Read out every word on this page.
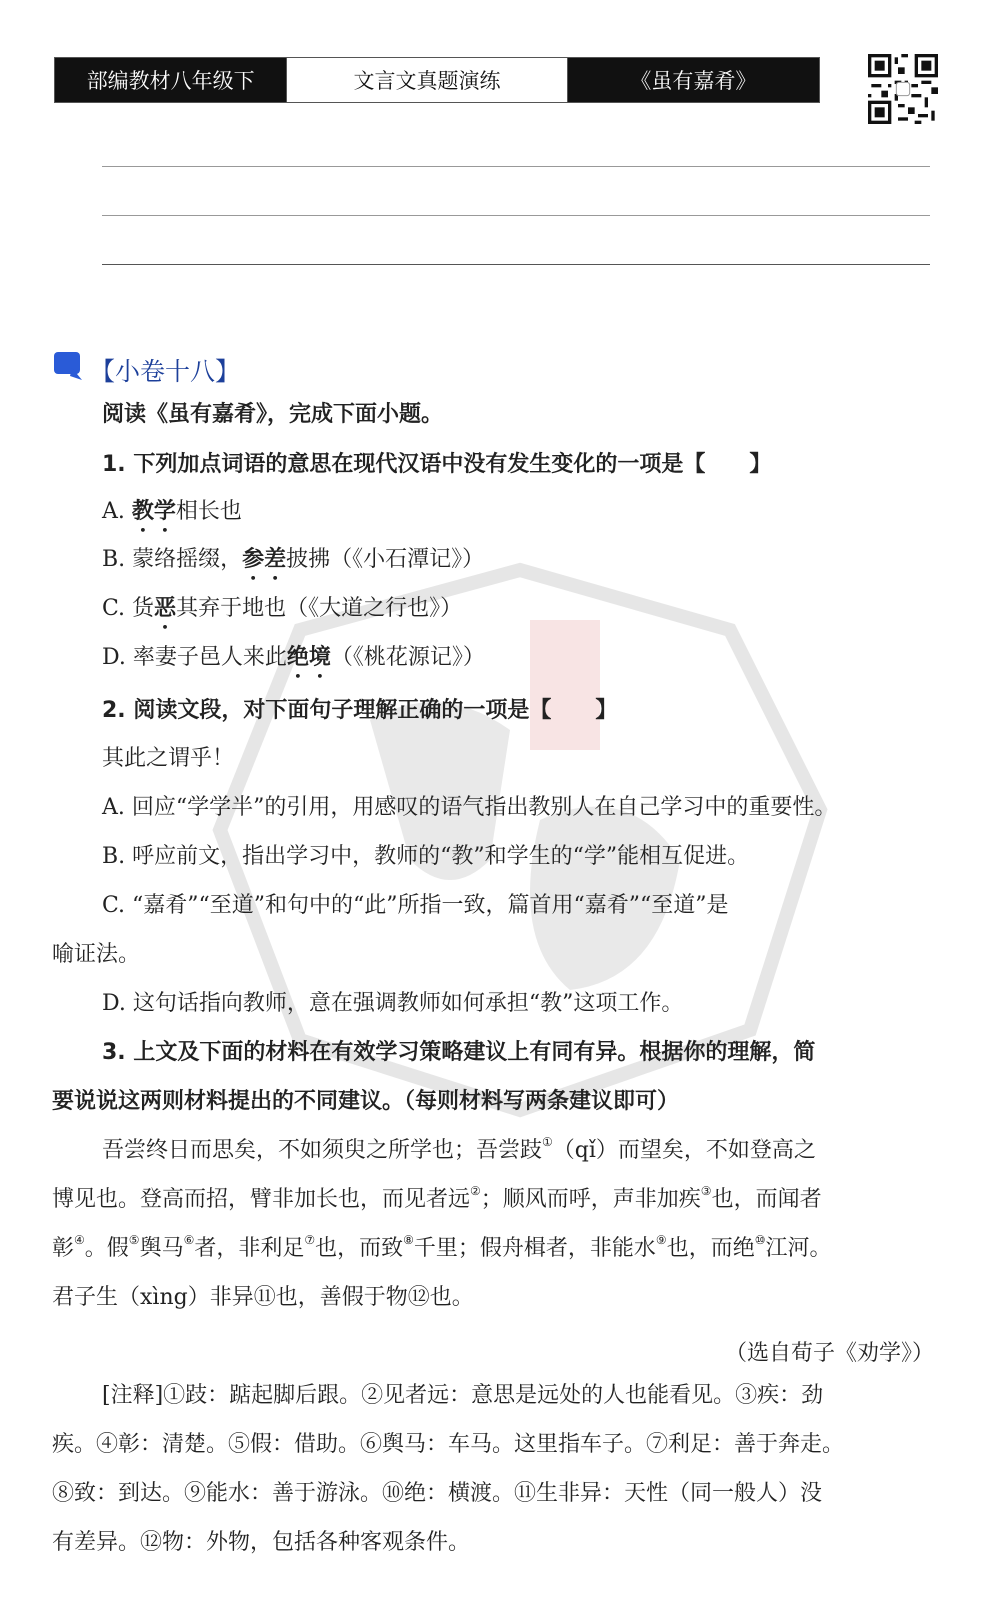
部编教材八年级下	文言文真题演练	《虽有嘉肴》
【小卷十八】
阅读《虽有嘉肴》，完成下面小题。
1. 下列加点词语的意思在现代汉语中没有发生变化的一项是【　　】
A. 教学相长也
B. 蒙络摇缀，参差披拂（《小石潭记》）
C. 货恶其弃于地也（《大道之行也》）
D. 率妻子邑人来此绝境（《桃花源记》）
2. 阅读文段，对下面句子理解正确的一项是【　　】
其此之谓乎！
A. 回应“学学半”的引用，用感叹的语气指出教别人在自己学习中的重要性。
B. 呼应前文，指出学习中，教师的“教”和学生的“学”能相互促进。
C. “嘉肴”“至道”和句中的“此”所指一致，篇首用“嘉肴”“至道”是
喻证法。
D. 这句话指向教师，意在强调教师如何承担“教”这项工作。
3. 上文及下面的材料在有效学习策略建议上有同有异。根据你的理解，简
要说说这两则材料提出的不同建议。（每则材料写两条建议即可）
吾尝终日而思矣，不如须臾之所学也；吾尝跂①（qǐ）而望矣，不如登高之
博见也。登高而招，臂非加长也，而见者远②；顺风而呼，声非加疾③也，而闻者
彰④。假⑤舆马⑥者，非利足⑦也，而致⑧千里；假舟楫者，非能水⑨也，而绝⑩江河。
君子生（xìng）非异⑪也，善假于物⑫也。
（选自荀子《劝学》）
[注释]①跂：踮起脚后跟。②见者远：意思是远处的人也能看见。③疾：劲
疾。④彰：清楚。⑤假：借助。⑥舆马：车马。这里指车子。⑦利足：善于奔走。
⑧致：到达。⑨能水：善于游泳。⑩绝：横渡。⑪生非异：天性（同一般人）没
有差异。⑫物：外物，包括各种客观条件。
